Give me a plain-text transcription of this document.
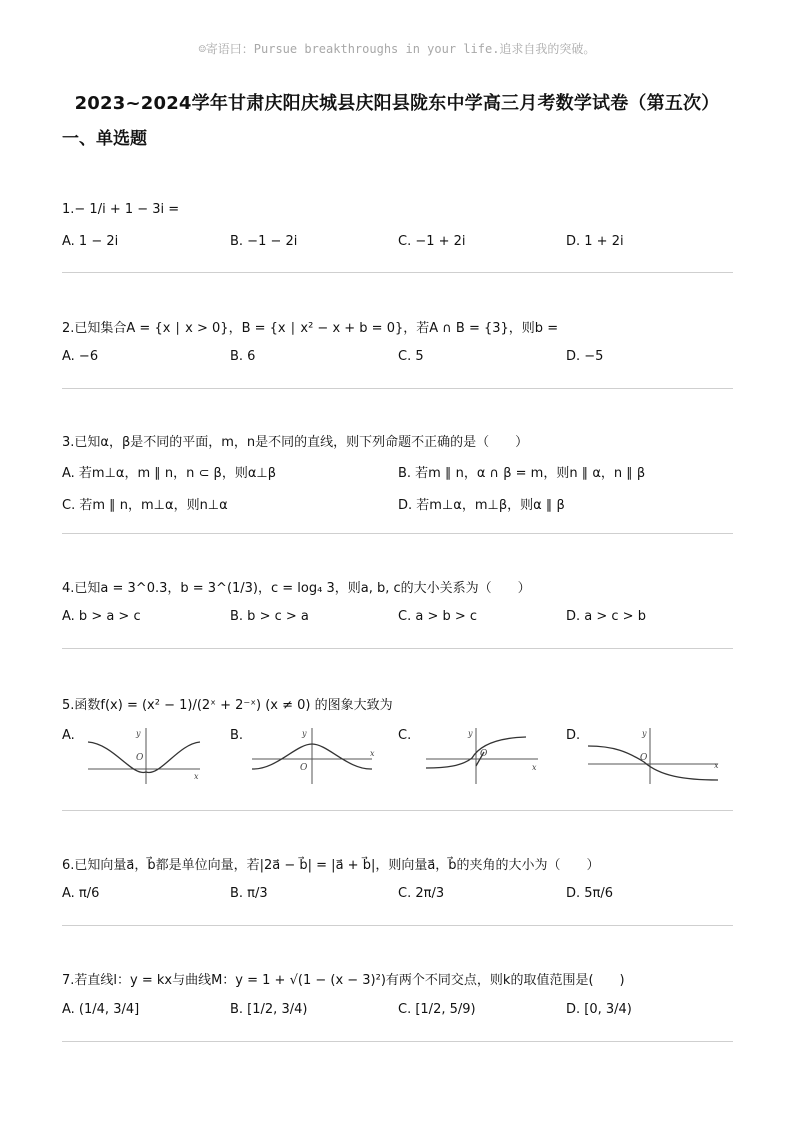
☺寄语曰：Pursue breakthroughs in your life.追求自我的突破。
2023~2024学年甘肃庆阳庆城县庆阳县陇东中学高三月考数学试卷（第五次）
一、单选题
1.− 1/i + 1 − 3i =
A. 1 − 2i	B. −1 − 2i	C. −1 + 2i	D. 1 + 2i
2.已知集合A = {x ∣ x > 0}，B = {x ∣ x² − x + b = 0}，若A ∩ B = {3}，则b =
A. −6	B. 6	C. 5	D. −5
3.已知α，β是不同的平面，m，n是不同的直线，则下列命题不正确的是（　　）
A. 若m⊥α，m ∥ n，n ⊂ β，则α⊥β	B. 若m ∥ n，α ∩ β = m，则n ∥ α，n ∥ β
C. 若m ∥ n，m⊥α，则n⊥α	D. 若m⊥α，m⊥β，则α ∥ β
4.已知a = 3^0.3，b = 3^(1/3)，c = log₄ 3，则a, b, c的大小关系为（　　）
A. b > a > c	B. b > c > a	C. a > b > c	D. a > c > b
5.函数f(x) = (x² − 1)/(2ˣ + 2⁻ˣ) (x ≠ 0) 的图象大致为
A.	B.	C.	D.
y
O
x
y
O
x
y
O
x
y
O
x
6.已知向量a⃗，b⃗都是单位向量，若|2a⃗ − b⃗| = |a⃗ + b⃗|，则向量a⃗，b⃗的夹角的大小为（　　）
A. π/6	B. π/3	C. 2π/3	D. 5π/6
7.若直线l：y = kx与曲线M：y = 1 + √(1 − (x − 3)²)有两个不同交点，则k的取值范围是(　　)
A. (1/4, 3/4]	B. [1/2, 3/4)	C. [1/2, 5/9)	D. [0, 3/4)
